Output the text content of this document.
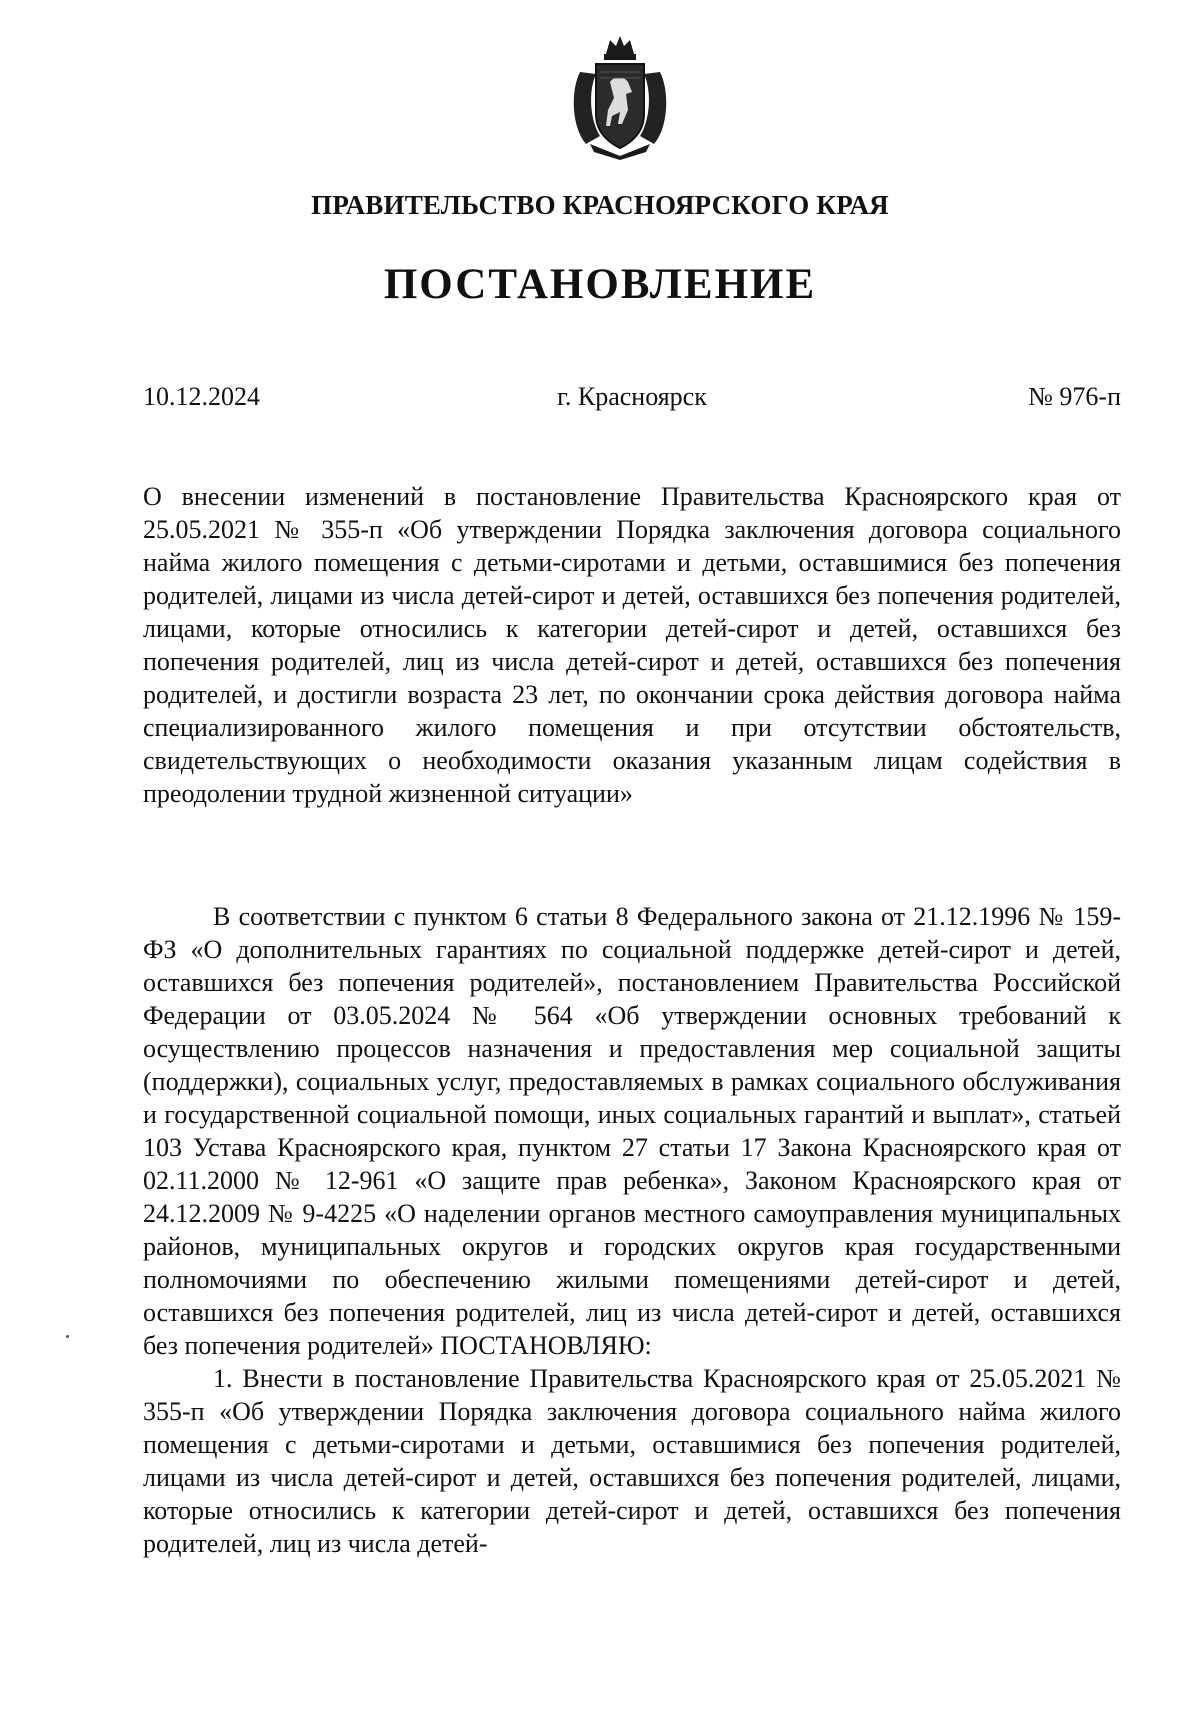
ПРАВИТЕЛЬСТВО КРАСНОЯРСКОГО КРАЯ
ПОСТАНОВЛЕНИЕ
г. Красноярск
10.12.2024	№ 976-п

О внесении изменений в постановление Правительства Красноярского края от 25.05.2021 № 355-п «Об утверждении Порядка заключения договора социального найма жилого помещения с детьми-сиротами и детьми, оставшимися без попечения родителей, лицами из числа детей-сирот и детей, оставшихся без попечения родителей, лицами, которые относились к категории детей-сирот и детей, оставшихся без попечения родителей, лиц из числа детей-сирот и детей, оставшихся без попечения родителей, и достигли возраста 23 лет, по окончании срока действия договора найма специализированного жилого помещения и при отсутствии обстоятельств, свидетельствующих о необходимости оказания указанным лицам содействия в преодолении трудной жизненной ситуации»

В соответствии с пунктом 6 статьи 8 Федерального закона от 21.12.1996 № 159-ФЗ «О дополнительных гарантиях по социальной поддержке детей-сирот и детей, оставшихся без попечения родителей», постановлением Правительства Российской Федерации от 03.05.2024 № 564 «Об утверждении основных требований к осуществлению процессов назначения и предоставления мер социальной защиты (поддержки), социальных услуг, предоставляемых в рамках социального обслуживания и государственной социальной помощи, иных социальных гарантий и выплат», статьей 103 Устава Красноярского края, пунктом 27 статьи 17 Закона Красноярского края от 02.11.2000 № 12-961 «О защите прав ребенка», Законом Красноярского края от 24.12.2009 № 9-4225 «О наделении органов местного самоуправления муниципальных районов, муниципальных округов и городских округов края государственными полномочиями по обеспечению жилыми помещениями детей-сирот и детей, оставшихся без попечения родителей, лиц из числа детей-сирот и детей, оставшихся без попечения родителей» ПОСТАНОВЛЯЮ:

1. Внести в постановление Правительства Красноярского края от 25.05.2021 № 355-п «Об утверждении Порядка заключения договора социального найма жилого помещения с детьми-сиротами и детьми, оставшимися без попечения родителей, лицами из числа детей-сирот и детей, оставшихся без попечения родителей, лицами, которые относились к категории детей-сирот и детей, оставшихся без попечения родителей, лиц из числа детей-
